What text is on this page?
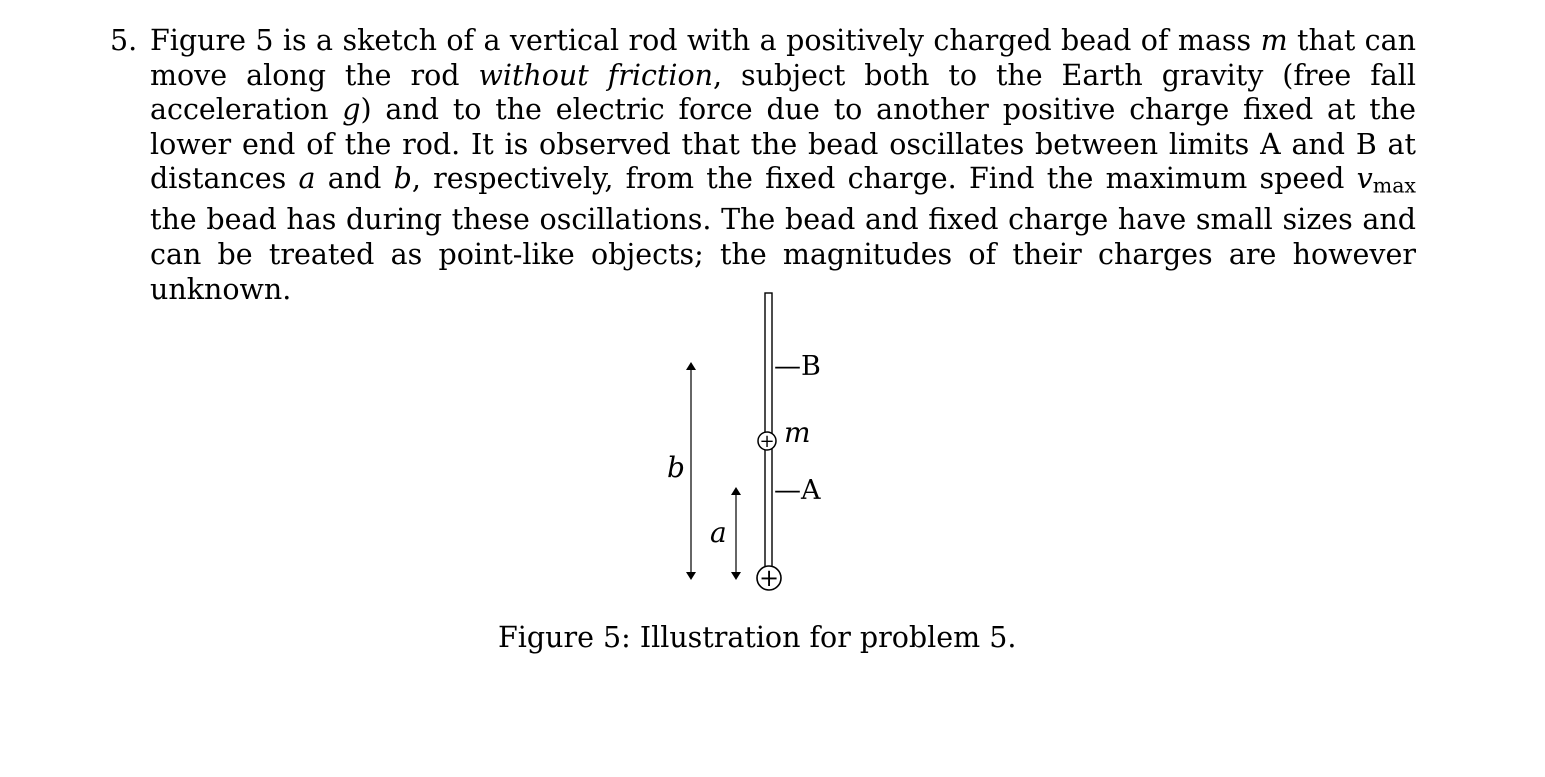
5. Figure 5 is a sketch of a vertical rod with a positively charged bead of mass m that can move along the rod without friction, subject both to the Earth gravity (free fall acceleration g) and to the electric force due to another positive charge fixed at the lower end of the rod. It is observed that the bead oscillates between limits A and B at distances a and b, respectively, from the fixed charge. Find the maximum speed $v_{max}$ the bead has during these oscillations. The bead and fixed charge have small sizes and can be treated as point-like objects; the magnitudes of their charges are however unknown.
—B
—A
+ m
+
b
a
Figure 5: Illustration for problem 5.
